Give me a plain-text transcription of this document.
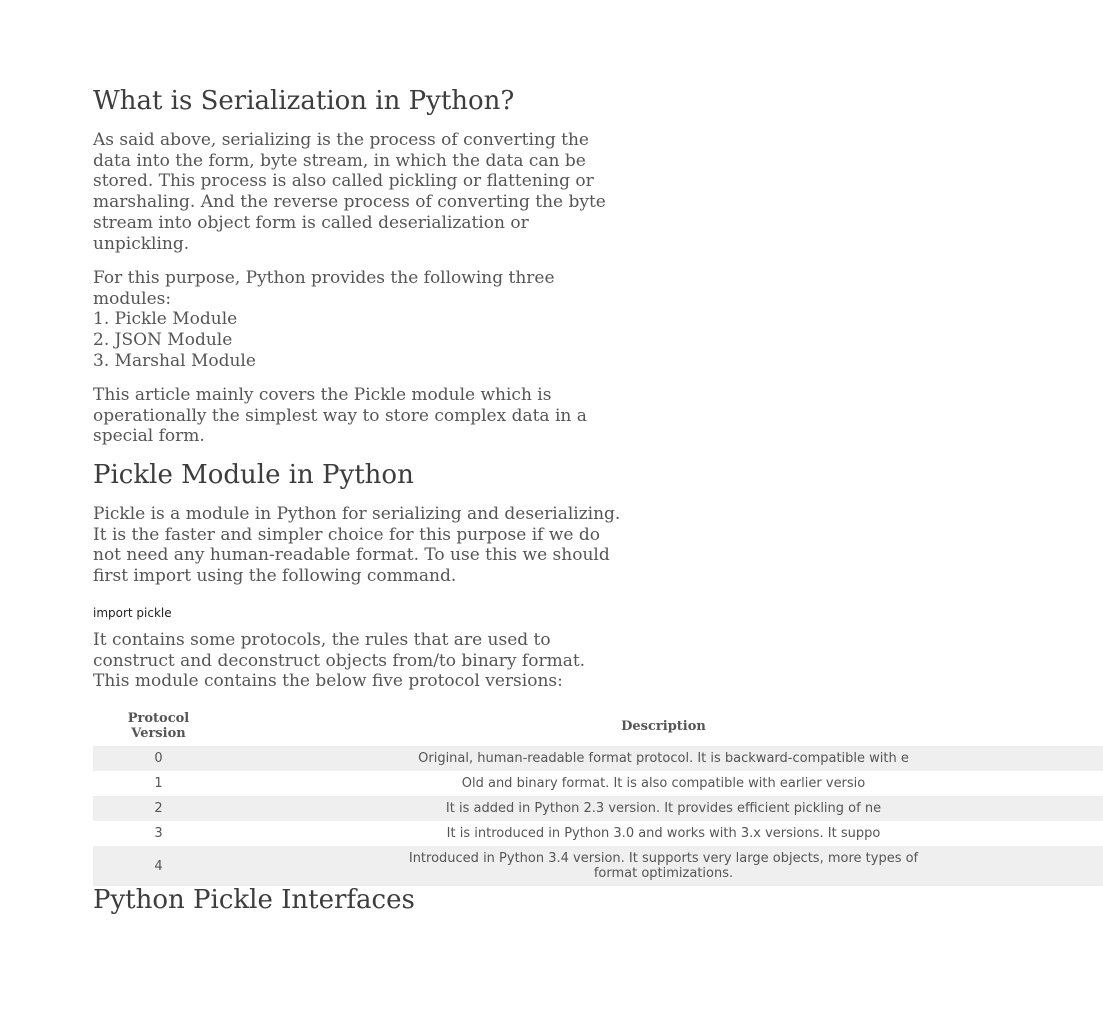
What is Serialization in Python?

As said above, serializing is the process of converting the
data into the form, byte stream, in which the data can be
stored. This process is also called pickling or flattening or
marshaling. And the reverse process of converting the byte
stream into object form is called deserialization or
unpickling.

For this purpose, Python provides the following three
modules:
1. Pickle Module
2. JSON Module
3. Marshal Module

This article mainly covers the Pickle module which is
operationally the simplest way to store complex data in a
special form.

Pickle Module in Python

Pickle is a module in Python for serializing and deserializing.
It is the faster and simpler choice for this purpose if we do
not need any human-readable format. To use this we should
first import using the following command.

import pickle

It contains some protocols, the rules that are used to
construct and deconstruct objects from/to binary format.
This module contains the below five protocol versions:

Protocol
Version	Description
0	Original, human-readable format protocol. It is backward-compatible with e
1	Old and binary format. It is also compatible with earlier versio
2	It is added in Python 2.3 version. It provides efficient pickling of ne
3	It is introduced in Python 3.0 and works with 3.x versions. It suppo
4	Introduced in Python 3.4 version. It supports very large objects, more types of
format optimizations.
Python Pickle Interfaces
